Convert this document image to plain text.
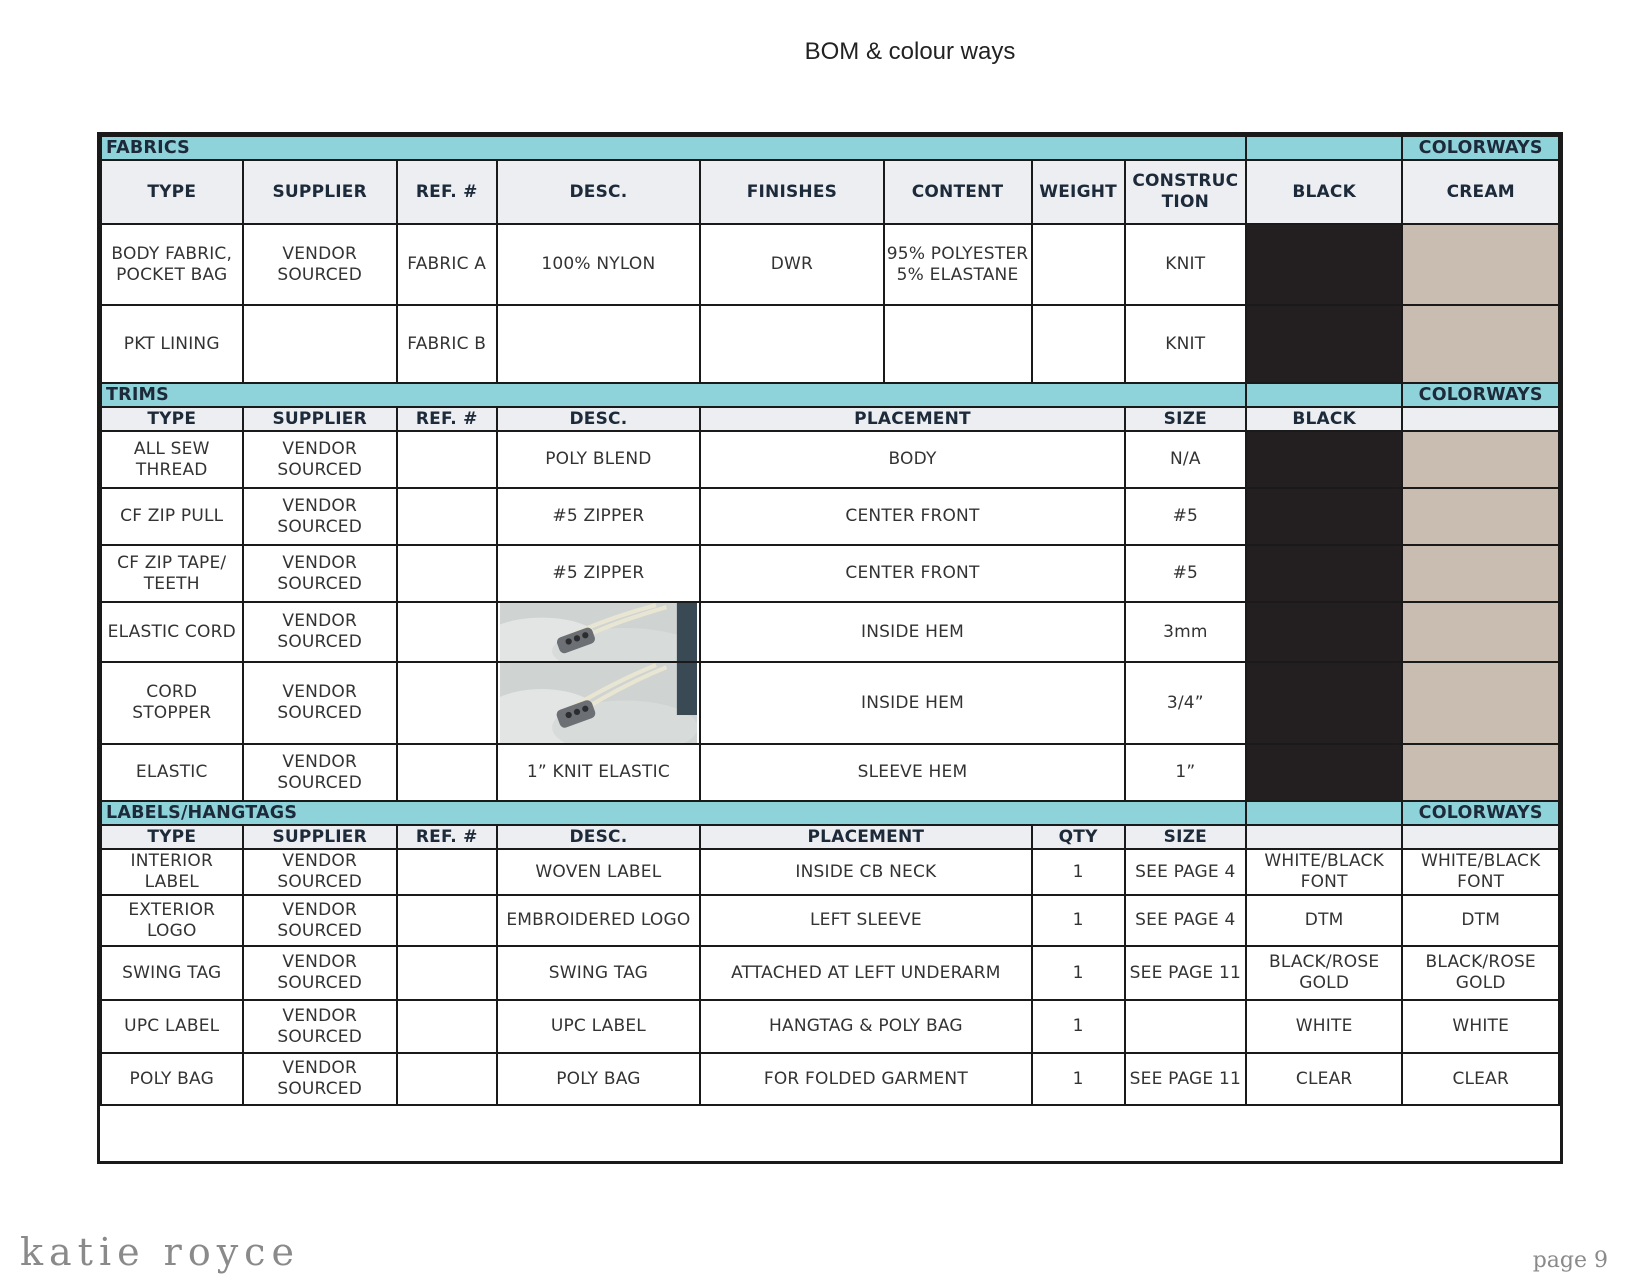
BOM & colour ways
FABRICS									COLORWAYS
TYPE	SUPPLIER	REF. #	DESC.	FINISHES	CONTENT	WEIGHT	CONSTRUC TION	BLACK	CREAM
BODY FABRIC, POCKET BAG	VENDOR SOURCED	FABRIC A	100% NYLON	DWR	95% POLYESTER 5% ELASTANE		KNIT		
PKT LINING		FABRIC B					KNIT		
TRIMS									COLORWAYS
TYPE	SUPPLIER	REF. #	DESC.	PLACEMENT			SIZE	BLACK	
ALL SEW THREAD	VENDOR SOURCED		POLY BLEND	BODY			N/A		
CF ZIP PULL	VENDOR SOURCED		#5 ZIPPER	CENTER FRONT			#5		
CF ZIP TAPE/ TEETH	VENDOR SOURCED		#5 ZIPPER	CENTER FRONT			#5		
ELASTIC CORD	VENDOR SOURCED			INSIDE HEM			3mm		
CORD STOPPER	VENDOR SOURCED			INSIDE HEM			3/4”		
ELASTIC	VENDOR SOURCED		1” KNIT ELASTIC	SLEEVE HEM			1”		
LABELS/HANGTAGS									COLORWAYS
TYPE	SUPPLIER	REF. #	DESC.	PLACEMENT		QTY	SIZE		
INTERIOR LABEL	VENDOR SOURCED		WOVEN LABEL	INSIDE CB NECK		1	SEE PAGE 4	WHITE/BLACK FONT	WHITE/BLACK FONT
EXTERIOR LOGO	VENDOR SOURCED		EMBROIDERED LOGO	LEFT SLEEVE		1	SEE PAGE 4	DTM	DTM
SWING TAG	VENDOR SOURCED		SWING TAG	ATTACHED AT LEFT UNDERARM		1	SEE PAGE 11	BLACK/ROSE GOLD	BLACK/ROSE GOLD
UPC LABEL	VENDOR SOURCED		UPC LABEL	HANGTAG & POLY BAG		1		WHITE	WHITE
POLY BAG	VENDOR SOURCED		POLY BAG	FOR FOLDED GARMENT		1	SEE PAGE 11	CLEAR	CLEAR
katie royce	page 9
